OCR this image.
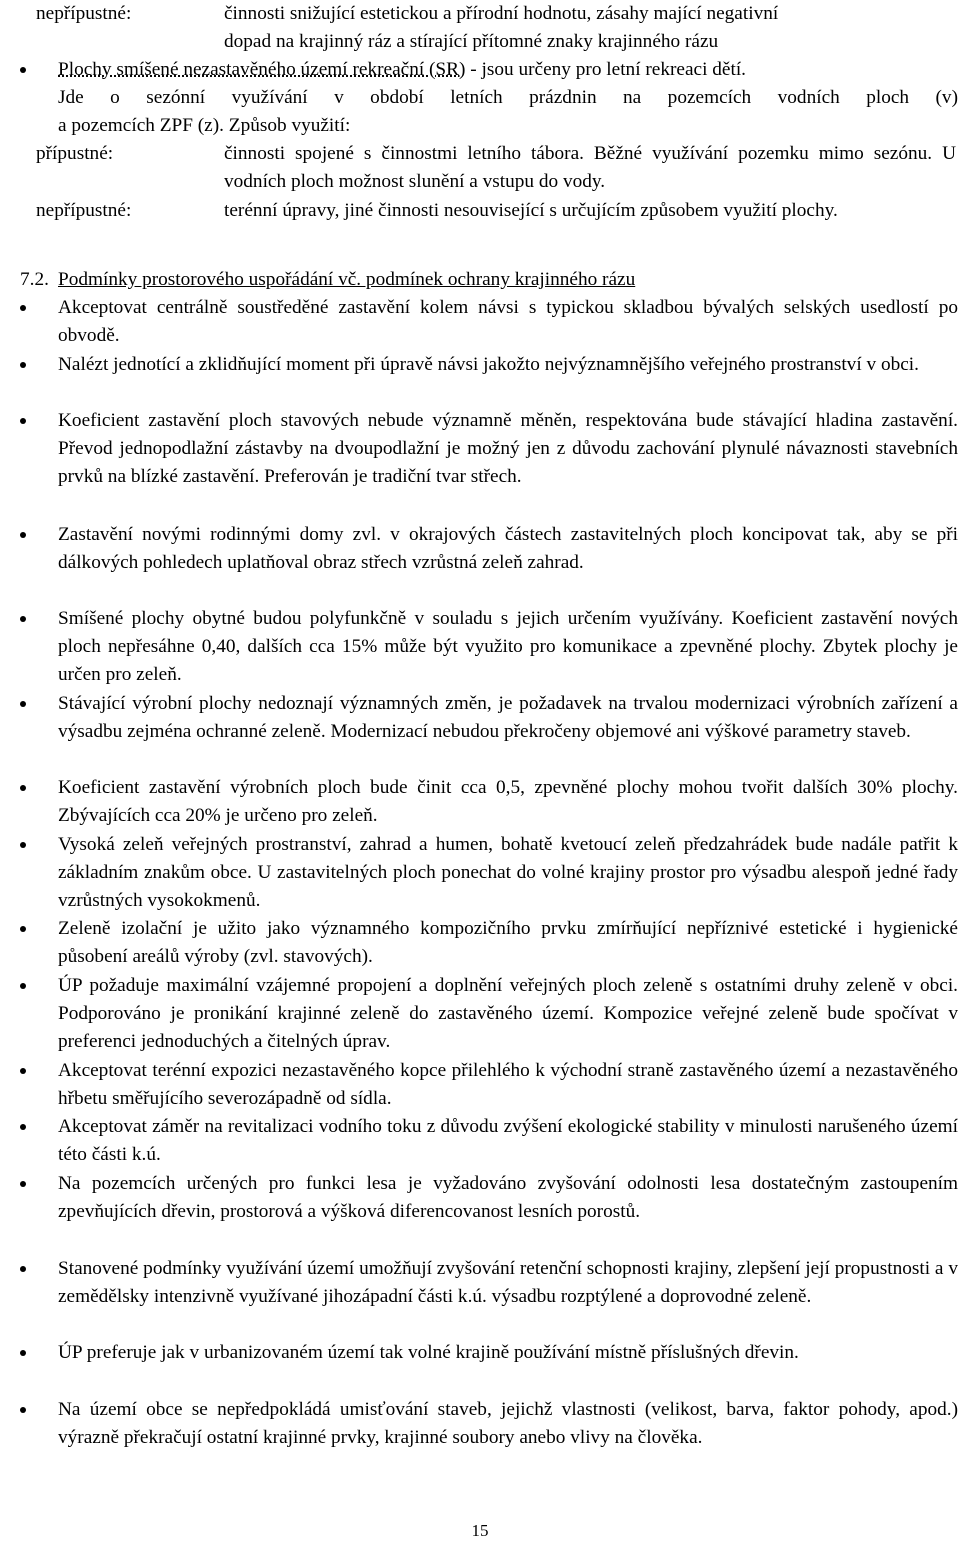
nepřípustné:	činnosti snižující estetickou a přírodní hodnotu, zásahy mající negativní
dopad na krajinný ráz a stírající přítomné znaky krajinného rázu
Plochy smíšené nezastavěného území rekreační (SR) - jsou určeny pro letní rekreaci dětí.
Jde o sezónní využívání v období letních prázdnin na pozemcích vodních ploch (v)
a pozemcích ZPF (z). Způsob využití:
přípustné:	činnosti spojené s činnostmi letního tábora. Běžné využívání pozemku mimo sezónu. U vodních ploch možnost slunění a vstupu do vody.
nepřípustné:	terénní úpravy, jiné činnosti nesouvisející s určujícím způsobem využití plochy.
7.2. Podmínky prostorového uspořádání vč. podmínek ochrany krajinného rázu
Akceptovat centrálně soustředěné zastavění kolem návsi s typickou skladbou bývalých selských usedlostí po obvodě.
Nalézt jednotící a zklidňující moment při úpravě návsi jakožto nejvýznamnějšího veřejného prostranství v obci.
Koeficient zastavění ploch stavových nebude významně měněn, respektována bude stávající hladina zastavění. Převod jednopodlažní zástavby na dvoupodlažní je možný jen z důvodu zachování plynulé návaznosti stavebních prvků na blízké zastavění. Preferován je tradiční tvar střech.
Zastavění novými rodinnými domy zvl. v okrajových částech zastavitelných ploch koncipovat tak, aby se při dálkových pohledech uplatňoval obraz střech vzrůstná zeleň zahrad.
Smíšené plochy obytné budou polyfunkčně v souladu s jejich určením využívány. Koeficient zastavění nových ploch nepřesáhne 0,40, dalších cca 15% může být využito pro komunikace a zpevněné plochy. Zbytek plochy je určen pro zeleň.
Stávající výrobní plochy nedoznají významných změn, je požadavek na trvalou modernizaci výrobních zařízení a výsadbu zejména ochranné zeleně. Modernizací nebudou překročeny objemové ani výškové parametry staveb.
Koeficient zastavění výrobních ploch bude činit cca 0,5, zpevněné plochy mohou tvořit dalších 30% plochy. Zbývajících cca 20% je určeno pro zeleň.
Vysoká zeleň veřejných prostranství, zahrad a humen, bohatě kvetoucí zeleň předzahrádek bude nadále patřit k základním znakům obce. U zastavitelných ploch ponechat do volné krajiny prostor pro výsadbu alespoň jedné řady vzrůstných vysokokmenů.
Zeleně izolační je užito jako významného kompozičního prvku zmírňující nepříznivé estetické i hygienické působení areálů výroby (zvl. stavových).
ÚP požaduje maximální vzájemné propojení a doplnění veřejných ploch zeleně s ostatními druhy zeleně v obci. Podporováno je pronikání krajinné zeleně do zastavěného území. Kompozice veřejné zeleně bude spočívat v preferenci jednoduchých a čitelných úprav.
Akceptovat terénní expozici nezastavěného kopce přilehlého k východní straně zastavěného území a nezastavěného hřbetu směřujícího severozápadně od sídla.
Akceptovat záměr na revitalizaci vodního toku z důvodu zvýšení ekologické stability v minulosti narušeného území této části k.ú.
Na pozemcích určených pro funkci lesa je vyžadováno zvyšování odolnosti lesa dostatečným zastoupením zpevňujících dřevin, prostorová a výšková diferencovanost lesních porostů.
Stanovené podmínky využívání území umožňují zvyšování retenční schopnosti krajiny, zlepšení její propustnosti a v zemědělsky intenzivně využívané jihozápadní části k.ú. výsadbu rozptýlené a doprovodné zeleně.
ÚP preferuje jak v urbanizovaném území tak volné krajině používání místně příslušných dřevin.
Na území obce se nepředpokládá umisťování staveb, jejichž vlastnosti (velikost, barva, faktor pohody, apod.) výrazně překračují ostatní krajinné prvky, krajinné soubory anebo vlivy na člověka.
15
